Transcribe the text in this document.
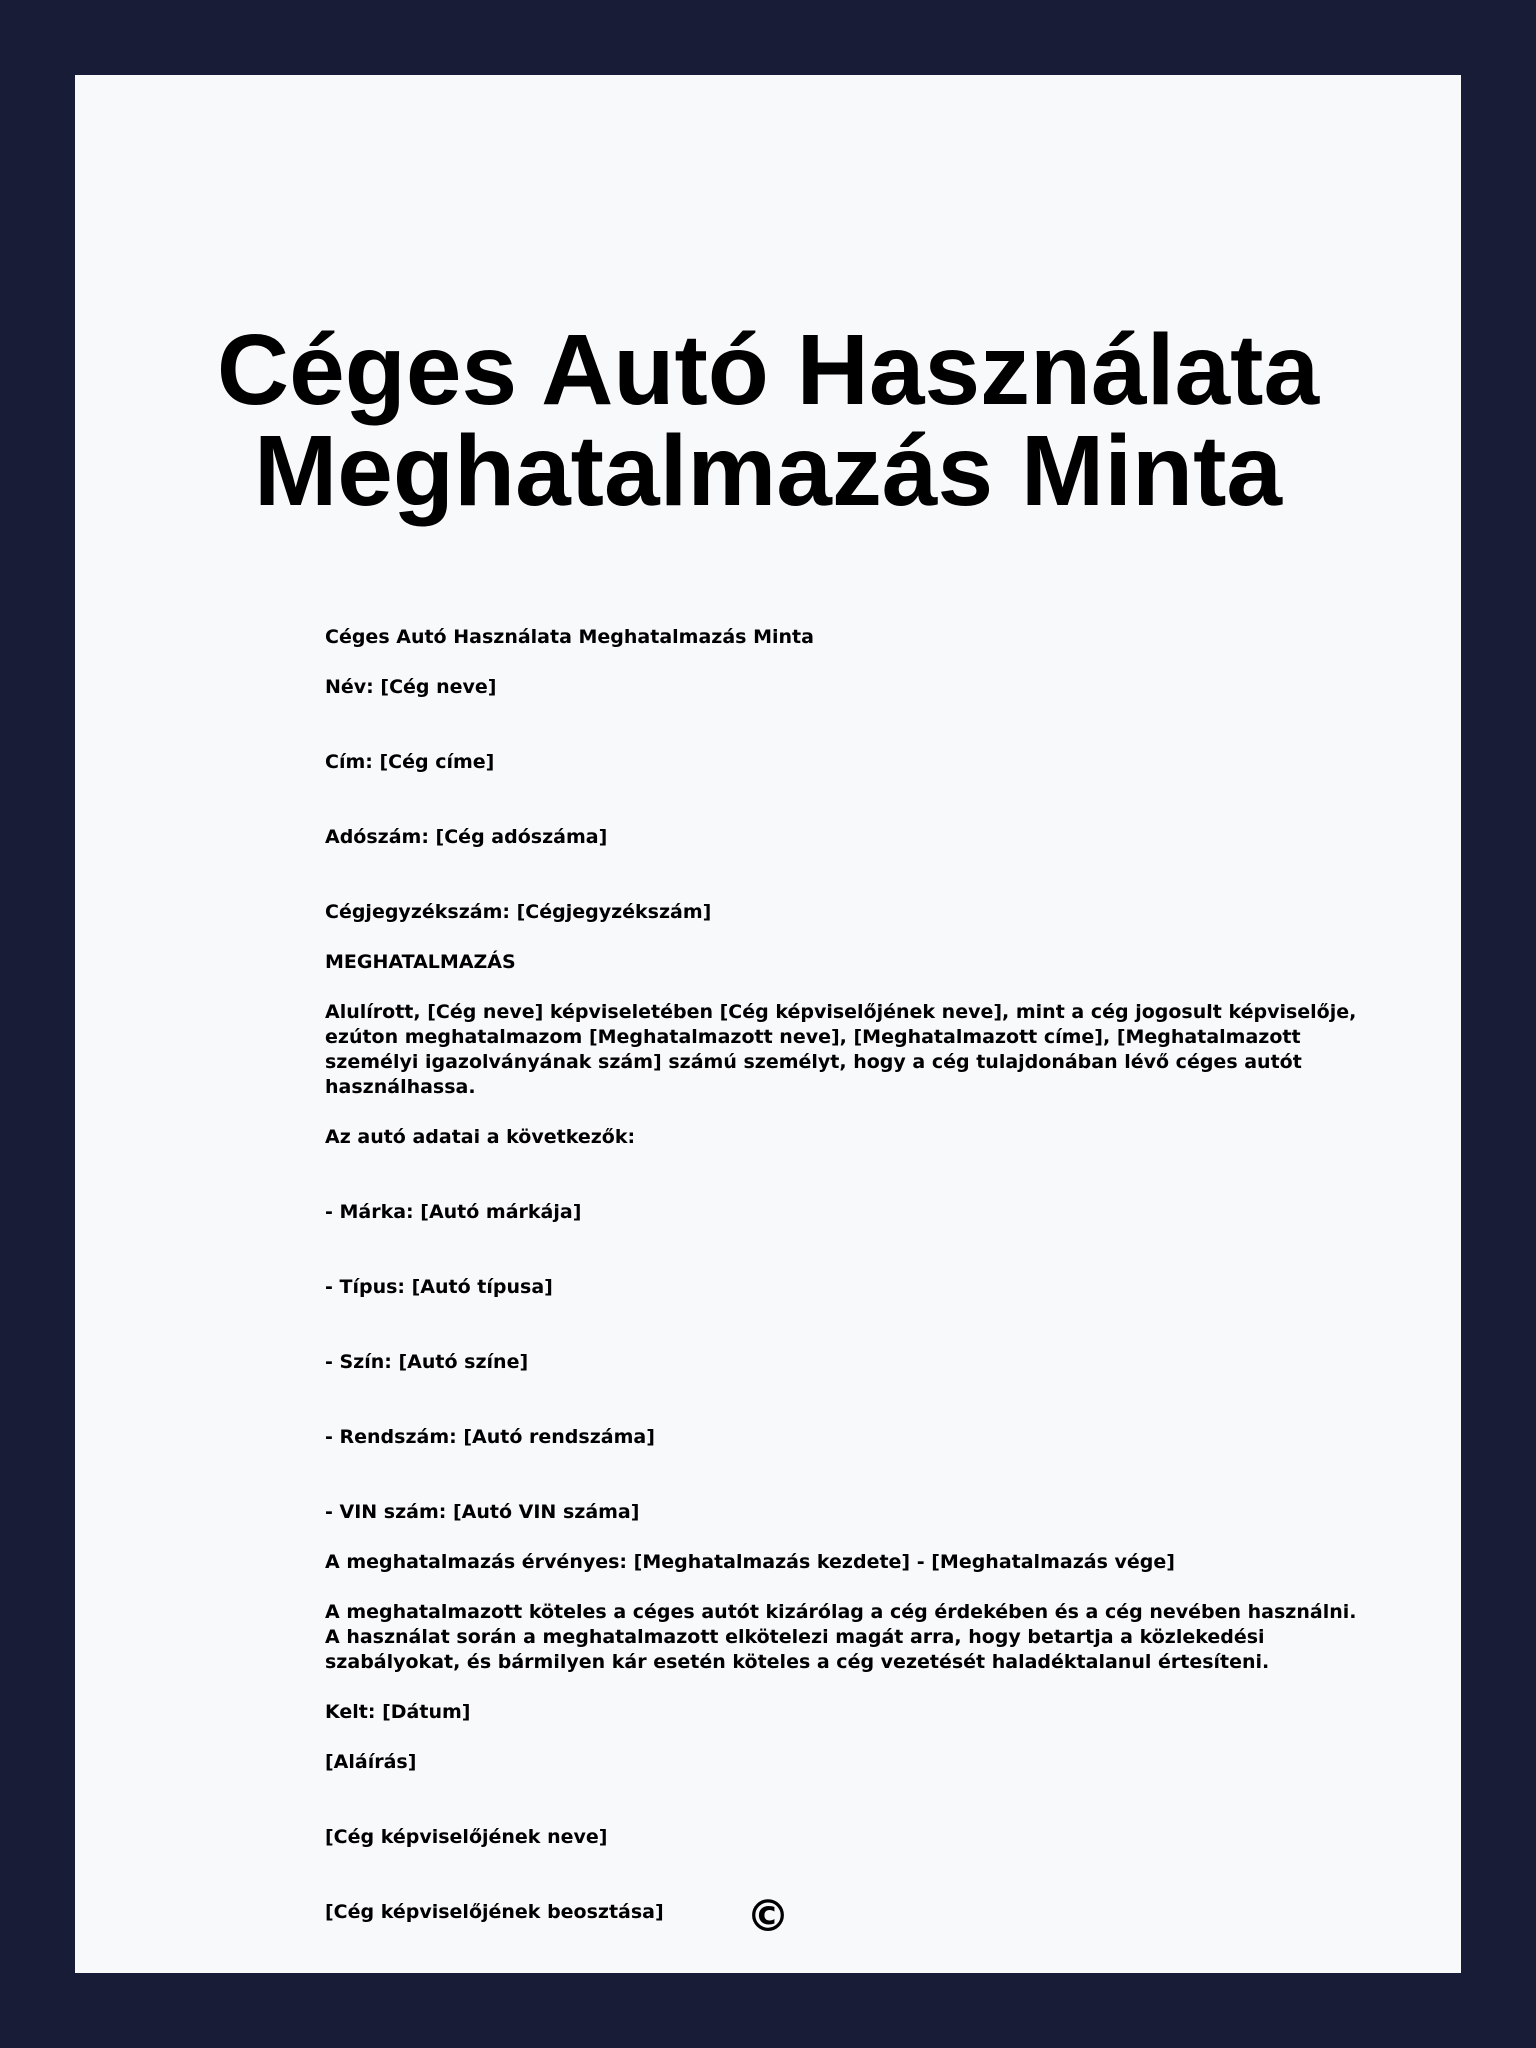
Céges Autó Használata
Meghatalmazás Minta

Céges Autó Használata Meghatalmazás Minta

Név: [Cég neve]

Cím: [Cég címe]

Adószám: [Cég adószáma]

Cégjegyzékszám: [Cégjegyzékszám]

MEGHATALMAZÁS

Alulírott, [Cég neve] képviseletében [Cég képviselőjének neve], mint a cég jogosult képviselője, ezúton meghatalmazom [Meghatalmazott neve], [Meghatalmazott címe], [Meghatalmazott személyi igazolványának szám] számú személyt, hogy a cég tulajdonában lévő céges autót használhassa.

Az autó adatai a következők:

- Márka: [Autó márkája]

- Típus: [Autó típusa]

- Szín: [Autó színe]

- Rendszám: [Autó rendszáma]

- VIN szám: [Autó VIN száma]

A meghatalmazás érvényes: [Meghatalmazás kezdete] - [Meghatalmazás vége]

A meghatalmazott köteles a céges autót kizárólag a cég érdekében és a cég nevében használni. A használat során a meghatalmazott elkötelezi magát arra, hogy betartja a közlekedési szabályokat, és bármilyen kár esetén köteles a cég vezetését haladéktalanul értesíteni.

Kelt: [Dátum]

[Aláírás]

[Cég képviselőjének neve]

[Cég képviselőjének beosztása]	©
